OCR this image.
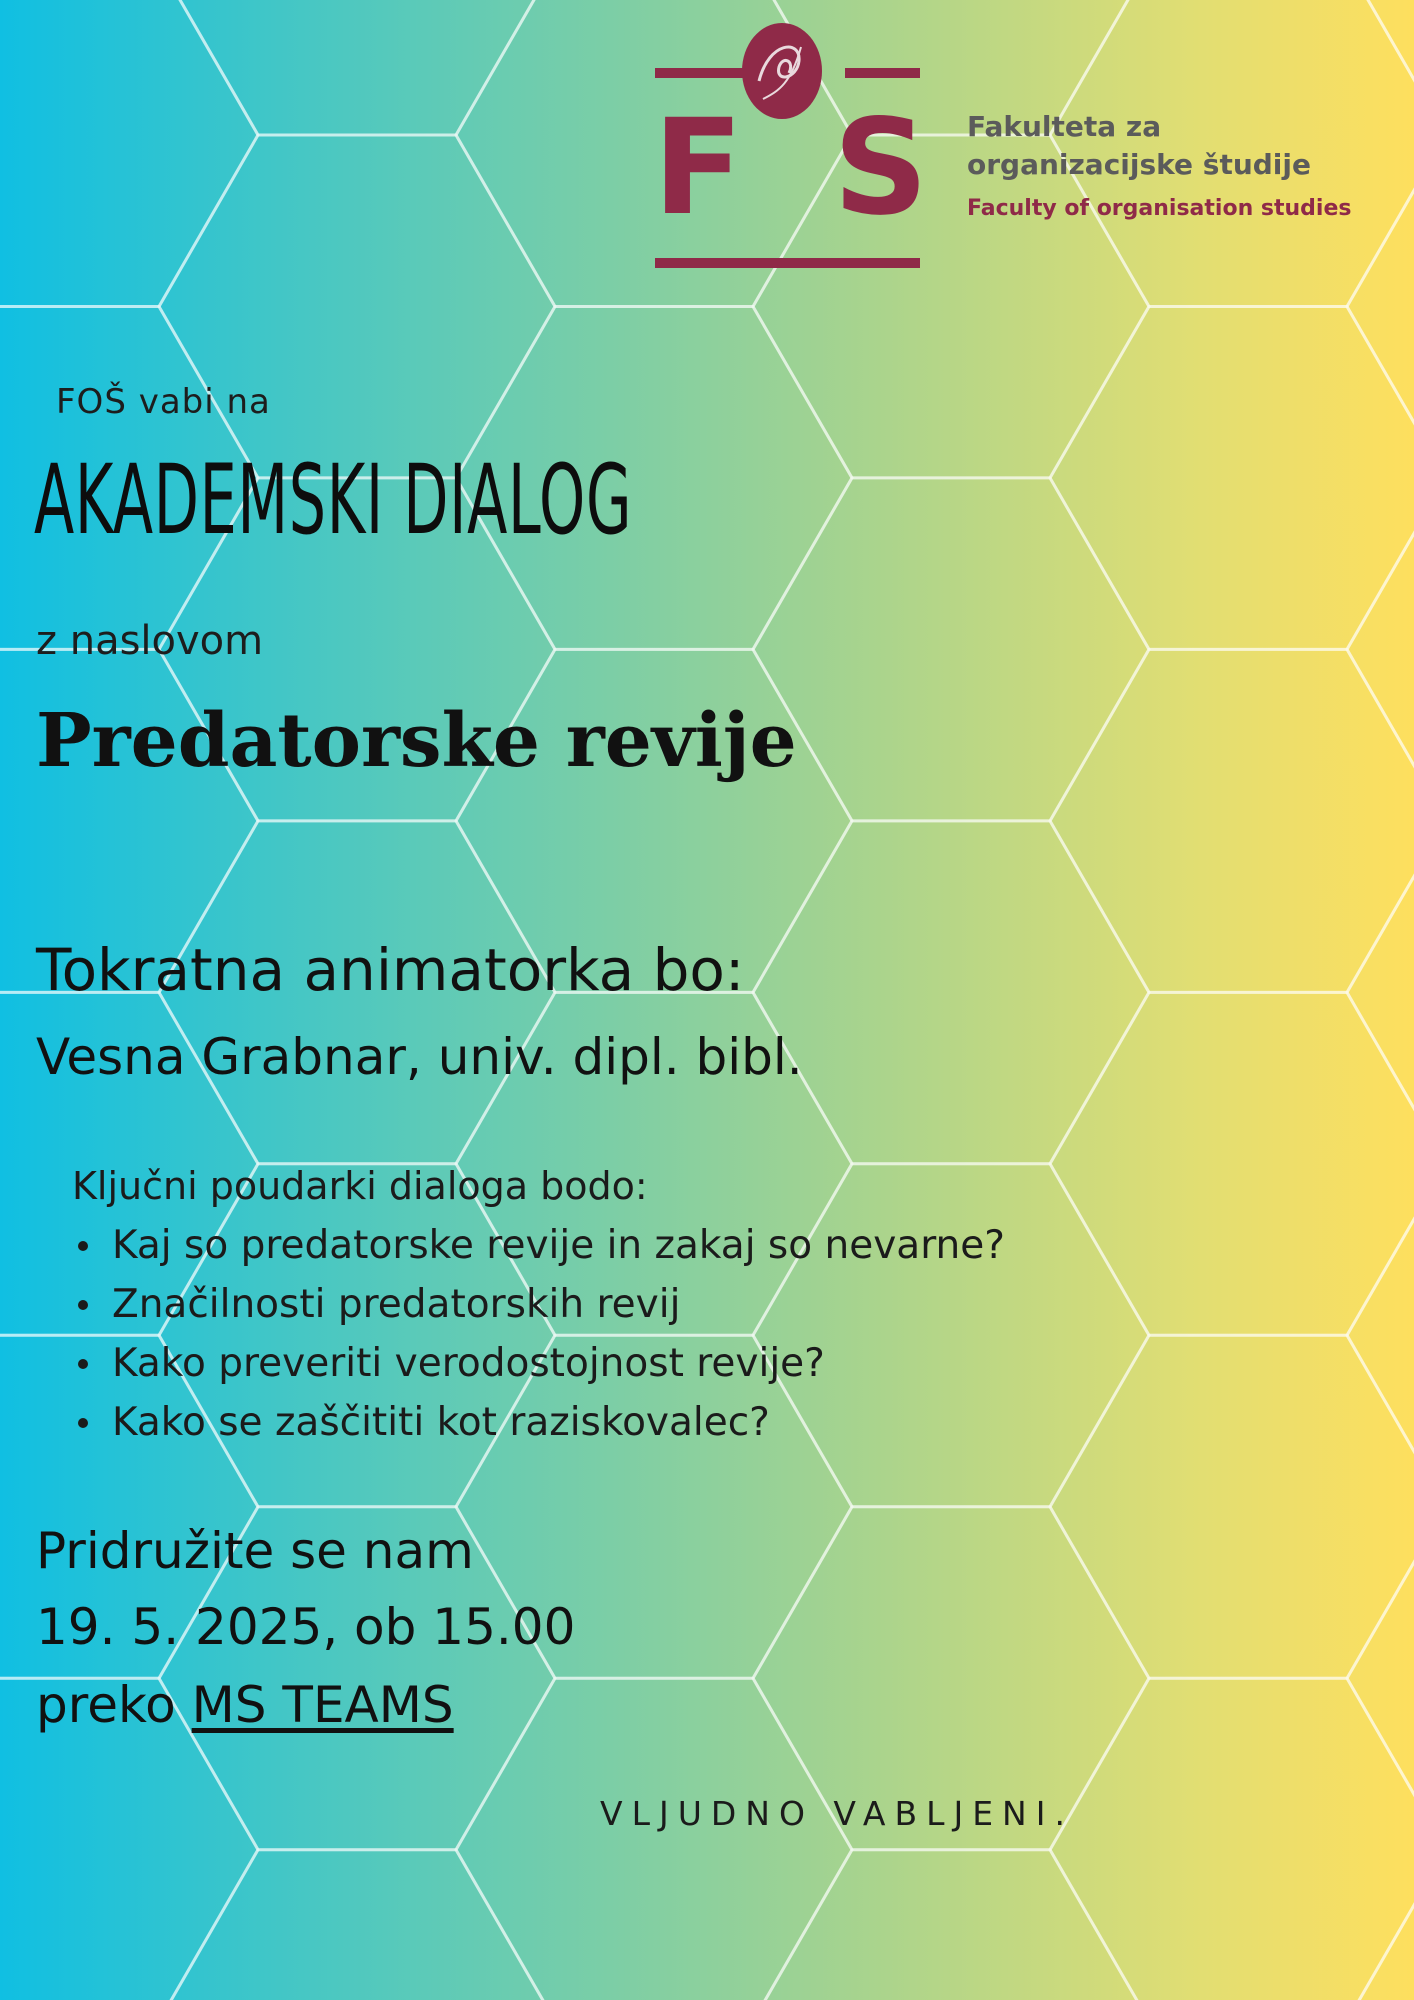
F S Fakulteta za
organizacijske študije
Faculty of organisation studies

FOŠ vabi na

AKADEMSKI DIALOG

z naslovom

Predatorske revije

Tokratna animatorka bo:

Vesna Grabnar, univ. dipl. bibl.

Ključni poudarki dialoga bodo:

Kaj so predatorske revije in zakaj so nevarne?
Značilnosti predatorskih revij
Kako preveriti verodostojnost revije?
Kako se zaščititi kot raziskovalec?

Pridružite se nam

19. 5. 2025, ob 15.00

preko MS TEAMS

VLJUDNO VABLJENI.
